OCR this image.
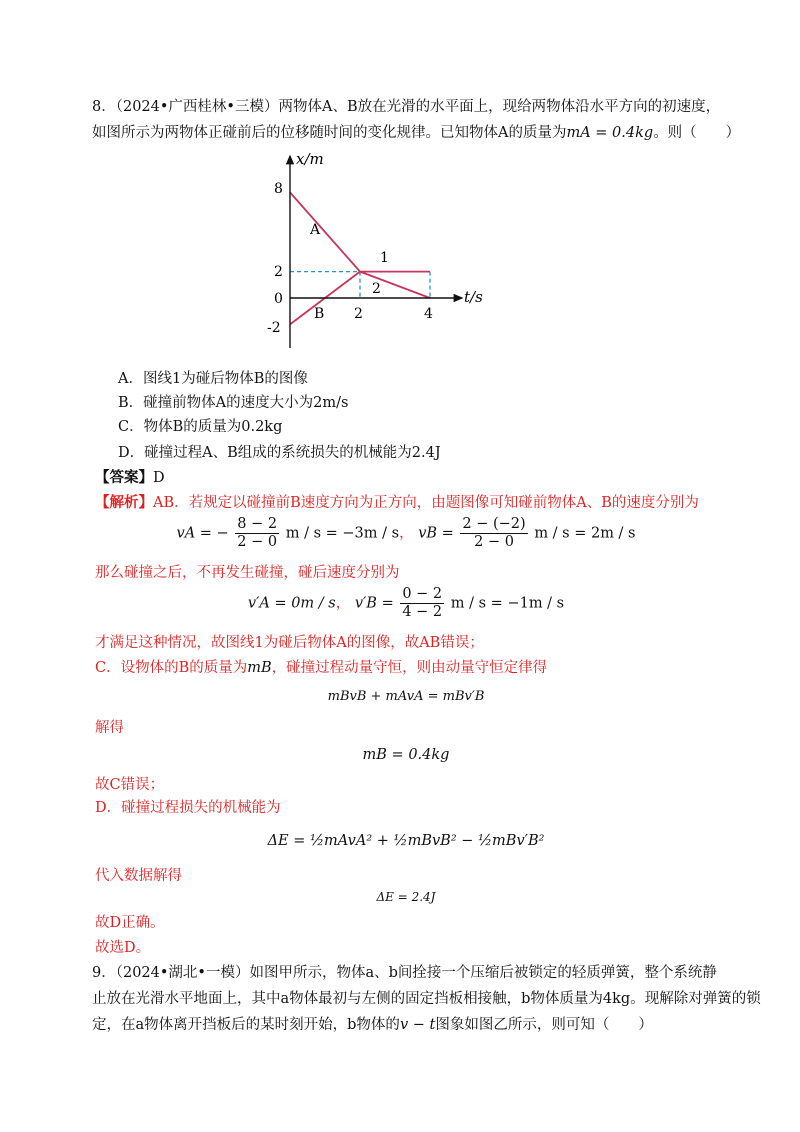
8．（2024•广西桂林•三模）两物体A、B放在光滑的水平面上，现给两物体沿水平方向的初速度，
如图所示为两物体正碰前后的位移随时间的变化规律。已知物体A的质量为mA = 0.4kg。则（　　）
x/m
t/s
8
2
0
-2
2	4
A
B
1
2
A．图线1为碰后物体B的图像
B．碰撞前物体A的速度大小为2m/s
C．物体B的质量为0.2kg
D．碰撞过程A、B组成的系统损失的机械能为2.4J
【答案】D
【解析】AB．若规定以碰撞前B速度方向为正方向，由题图像可知碰前物体A、B的速度分别为
vA = − $\frac{8 - 2}{2 - 0}$ m / s = −3m / s， vB = $\frac{2 - (-2)}{2 - 0}$ m / s = 2m / s
那么碰撞之后，不再发生碰撞，碰后速度分别为
v′A = 0m / s， $v'B = \frac{0 - 2}{4 - 2}$ m / s = −1m / s
才满足这种情况，故图线1为碰后物体A的图像，故AB错误；
C．设物体的B的质量为mB，碰撞过程动量守恒，则由动量守恒定律得
mBvB + mAvA = mBv′B
解得
mB = 0.4kg
故C错误；
D．碰撞过程损失的机械能为
ΔE = ½mAvA² + ½mBvB² − ½mBv′B²
代入数据解得
ΔE = 2.4J
故D正确。
故选D。
9．（2024•湖北•一模）如图甲所示，物体a、b间拴接一个压缩后被锁定的轻质弹簧，整个系统静
止放在光滑水平地面上，其中a物体最初与左侧的固定挡板相接触，b物体质量为4kg。现解除对弹簧的锁
定，在a物体离开挡板后的某时刻开始，b物体的v − t图象如图乙所示，则可知（　　）
